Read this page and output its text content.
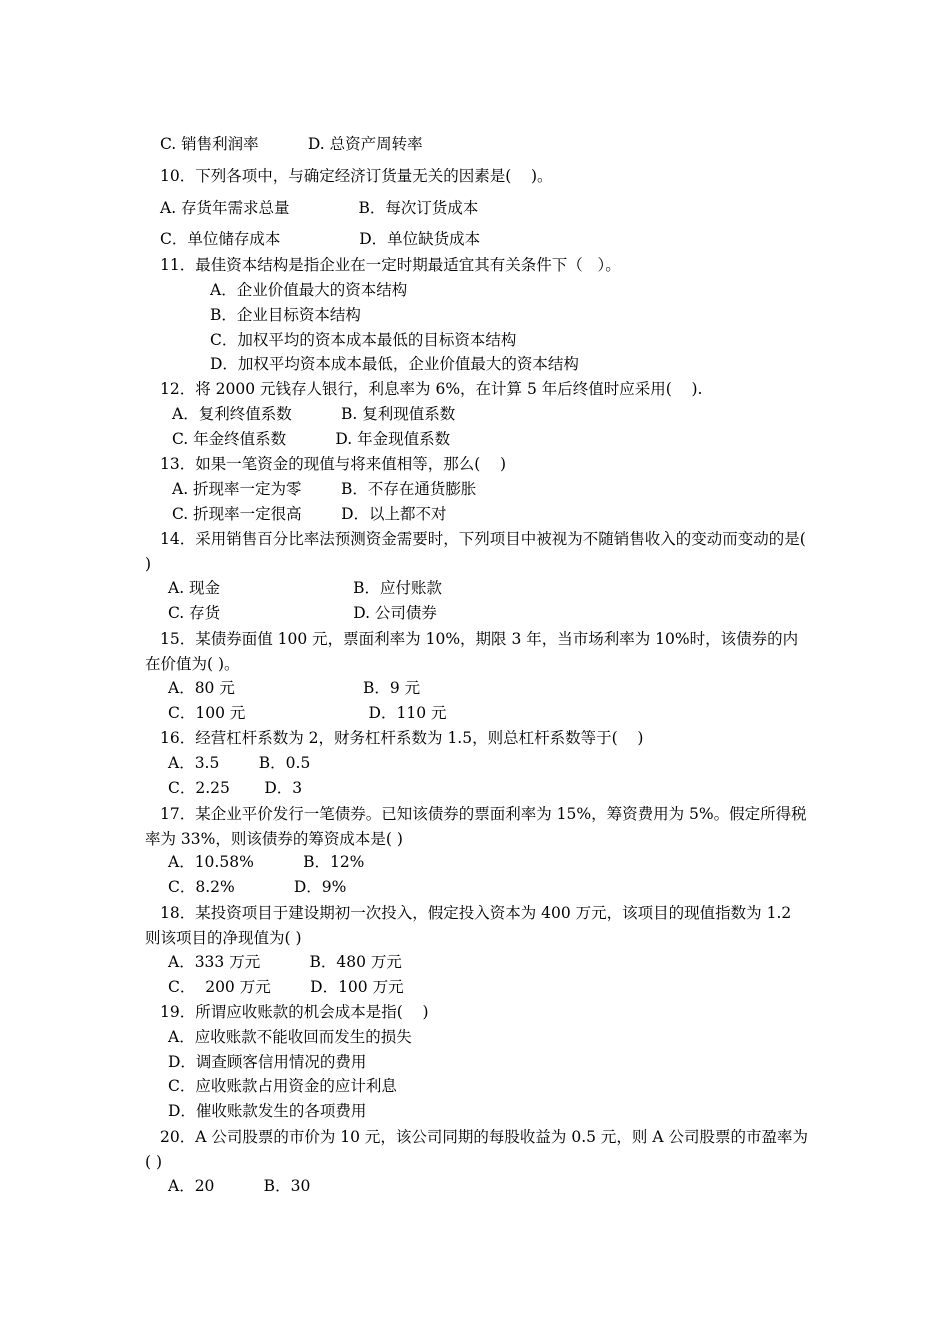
C. 销售利润率          D. 总资产周转率
10．下列各项中，与确定经济订货量无关的因素是(    )。
A. 存货年需求总量              B．每次订货成本
C．单位储存成本                D．单位缺货成本
11．最佳资本结构是指企业在一定时期最适宜其有关条件下（   ）。
A．企业价值最大的资本结构
B．企业目标资本结构
C．加权平均的资本成本最低的目标资本结构
D．加权平均资本成本最低，企业价值最大的资本结构
12．将 2000 元钱存人银行，利息率为 6%，在计算 5 年后终值时应采用(    ).
A．复利终值系数          B. 复利现值系数
C. 年金终值系数          D. 年金现值系数
13．如果一笔资金的现值与将来值相等，那么(    )
A. 折现率一定为零        B．不存在通货膨胀
C. 折现率一定很高        D．以上都不对
14．采用销售百分比率法预测资金需要时，下列项目中被视为不随销售收入的变动而变动的是( )
A. 现金                           B．应付账款
C. 存货                           D. 公司债券
15．某债券面值 100 元，票面利率为 10%，期限 3 年，当市场利率为 10%时，该债券的内在价值为( )。
A．80 元                          B．9 元
C．100 元                         D．110 元
16．经营杠杆系数为 2，财务杠杆系数为 1.5，则总杠杆系数等于(    )
A．3.5        B．0.5
C．2.25       D．3
17．某企业平价发行一笔债券。已知该债券的票面利率为 15%，筹资费用为 5%。假定所得税率为 33%，则该债券的筹资成本是( )
A．10.58%          B．12%
C．8.2%            D．9%
18．某投资项目于建设期初一次投入，假定投入资本为 400 万元，该项目的现值指数为 1.2 则该项目的净现值为( )
A．333 万元          B．480 万元
C．  200 万元        D．100 万元
19．所谓应收账款的机会成本是指(    )
A．应收账款不能收回而发生的损失
D．调查顾客信用情况的费用
C．应收账款占用资金的应计利息
D．催收账款发生的各项费用
20．A 公司股票的市价为 10 元，该公司同期的每股收益为 0.5 元，则 A 公司股票的市盈率为( )
A．20          B．30
